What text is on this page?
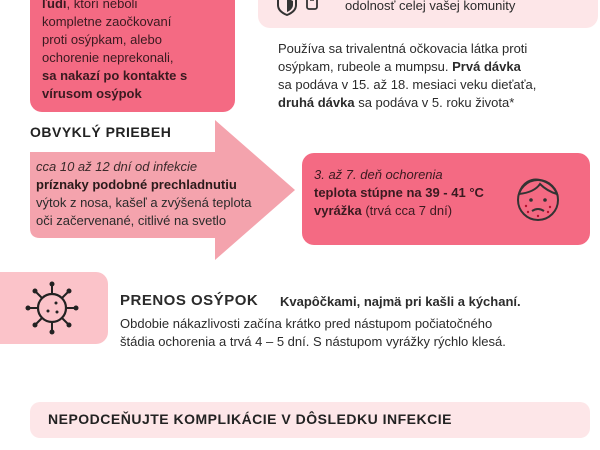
ľudí, ktorí neboli
kompletne zaočkovaní
proti osýpkam, alebo
ochorenie neprekonali,
sa nakazí po kontakte s
vírusom osýpok
odolnosť celej vašej komunity
Používa sa trivalentná očkovacia látka proti
osýpkam, rubeole a mumpsu. Prvá dávka
sa podáva v 15. až 18. mesiaci veku dieťaťa,
druhá dávka sa podáva v 5. roku života*
OBVYKLÝ PRIEBEH
cca 10 až 12 dní od infekcie
príznaky podobné prechladnutiu
výtok z nosa, kašeľ a zvýšená teplota
oči začervenané, citlivé na svetlo
3. až 7. deň ochorenia
teplota stúpne na 39 - 41 °C
vyrážka (trvá cca 7 dní)
PRENOS OSÝPOK Kvapôčkami, najmä pri kašli a kýchaní.
Obdobie nákazlivosti začína krátko pred nástupom počiatočného
štádia ochorenia a trvá 4 – 5 dní. S nástupom vyrážky rýchlo klesá.
NEPODCEŇUJTE KOMPLIKÁCIE V DÔSLEDKU INFEKCIE
